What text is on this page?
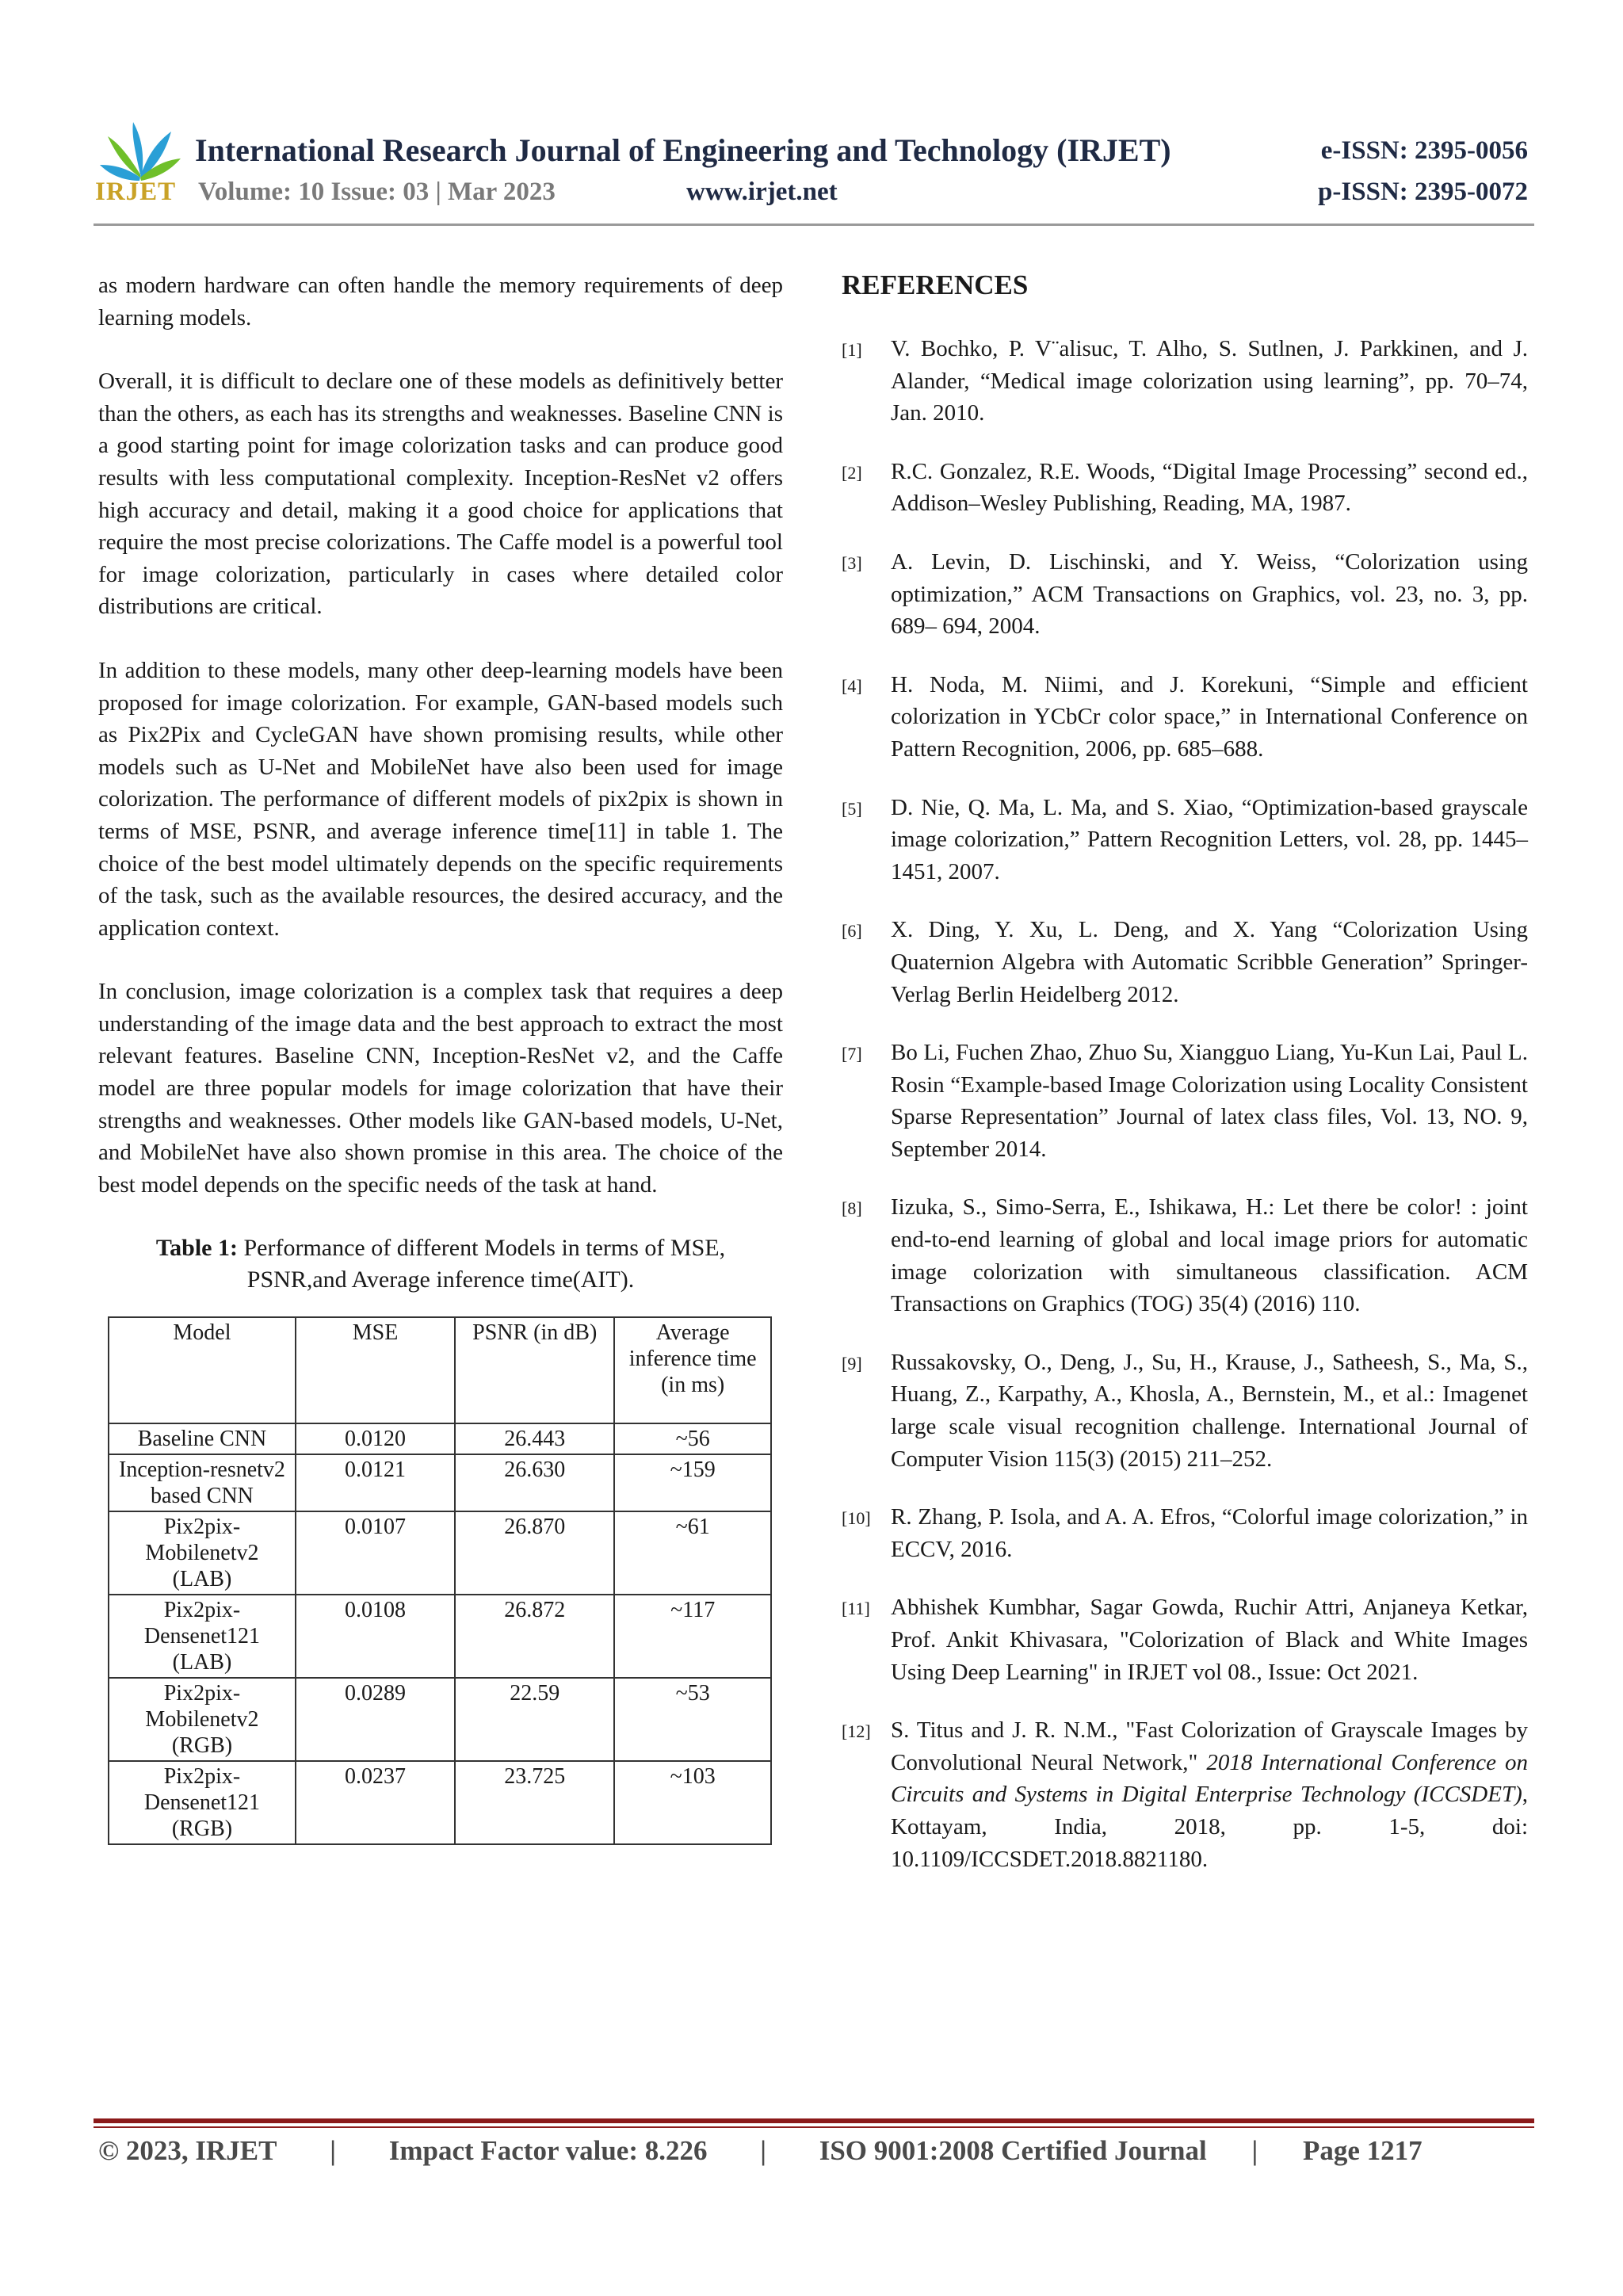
IRJET
International Research Journal of Engineering and Technology (IRJET)	e-ISSN: 2395-0056
Volume: 10 Issue: 03 | Mar 2023	www.irjet.net	p-ISSN: 2395-0072

as modern hardware can often handle the memory requirements of deep learning models.

Overall, it is difficult to declare one of these models as definitively better than the others, as each has its strengths and weaknesses. Baseline CNN is a good starting point for image colorization tasks and can produce good results with less computational complexity. Inception-ResNet v2 offers high accuracy and detail, making it a good choice for applications that require the most precise colorizations. The Caffe model is a powerful tool for image colorization, particularly in cases where detailed color distributions are critical.

In addition to these models, many other deep-learning models have been proposed for image colorization. For example, GAN-based models such as Pix2Pix and CycleGAN have shown promising results, while other models such as U-Net and MobileNet have also been used for image colorization. The performance of different models of pix2pix is shown in terms of MSE, PSNR, and average inference time[11] in table 1. The choice of the best model ultimately depends on the specific requirements of the task, such as the available resources, the desired accuracy, and the application context.

In conclusion, image colorization is a complex task that requires a deep understanding of the image data and the best approach to extract the most relevant features. Baseline CNN, Inception-ResNet v2, and the Caffe model are three popular models for image colorization that have their strengths and weaknesses. Other models like GAN-based models, U-Net, and MobileNet have also shown promise in this area. The choice of the best model depends on the specific needs of the task at hand.

Table 1: Performance of different Models in terms of MSE,
PSNR,and Average inference time(AIT).
Model	MSE	PSNR (in dB)	Average inference time (in ms)
Baseline CNN	0.0120	26.443	~56
Inception-resnetv2 based CNN	0.0121	26.630	~159
Pix2pix-Mobilenetv2 (LAB)	0.0107	26.870	~61
Pix2pix-Densenet121 (LAB)	0.0108	26.872	~117
Pix2pix-Mobilenetv2 (RGB)	0.0289	22.59	~53
Pix2pix-Densenet121 (RGB)	0.0237	23.725	~103
REFERENCES
[1] V. Bochko, P. V¨alisuc, T. Alho, S. Sutlnen, J. Parkkinen, and J. Alander, “Medical image colorization using learning”, pp. 70–74, Jan. 2010.
[2] R.C. Gonzalez, R.E. Woods, “Digital Image Processing” second ed., Addison–Wesley Publishing, Reading, MA, 1987.
[3] A. Levin, D. Lischinski, and Y. Weiss, “Colorization using optimization,” ACM Transactions on Graphics, vol. 23, no. 3, pp. 689– 694, 2004.
[4] H. Noda, M. Niimi, and J. Korekuni, “Simple and efficient colorization in YCbCr color space,” in International Conference on Pattern Recognition, 2006, pp. 685–688.
[5] D. Nie, Q. Ma, L. Ma, and S. Xiao, “Optimization-based grayscale image colorization,” Pattern Recognition Letters, vol. 28, pp. 1445– 1451, 2007.
[6] X. Ding, Y. Xu, L. Deng, and X. Yang “Colorization Using Quaternion Algebra with Automatic Scribble Generation” Springer-Verlag Berlin Heidelberg 2012.
[7] Bo Li, Fuchen Zhao, Zhuo Su, Xiangguo Liang, Yu-Kun Lai, Paul L. Rosin “Example-based Image Colorization using Locality Consistent Sparse Representation” Journal of latex class files, Vol. 13, NO. 9, September 2014.
[8] Iizuka, S., Simo-Serra, E., Ishikawa, H.: Let there be color! : joint end-to-end learning of global and local image priors for automatic image colorization with simultaneous classification. ACM Transactions on Graphics (TOG) 35(4) (2016) 110.
[9] Russakovsky, O., Deng, J., Su, H., Krause, J., Satheesh, S., Ma, S., Huang, Z., Karpathy, A., Khosla, A., Bernstein, M., et al.: Imagenet large scale visual recognition challenge. International Journal of Computer Vision 115(3) (2015) 211–252.
[10] R. Zhang, P. Isola, and A. A. Efros, “Colorful image colorization,” in ECCV, 2016.
[11] Abhishek Kumbhar, Sagar Gowda, Ruchir Attri, Anjaneya Ketkar, Prof. Ankit Khivasara, "Colorization of Black and White Images Using Deep Learning" in IRJET vol 08., Issue: Oct 2021.
[12] S. Titus and J. R. N.M., "Fast Colorization of Grayscale Images by Convolutional Neural Network," 2018 International Conference on Circuits and Systems in Digital Enterprise Technology (ICCSDET), Kottayam, India, 2018, pp. 1-5, doi: 10.1109/ICCSDET.2018.8821180.
© 2023, IRJET | Impact Factor value: 8.226 | ISO 9001:2008 Certified Journal | Page 1217
